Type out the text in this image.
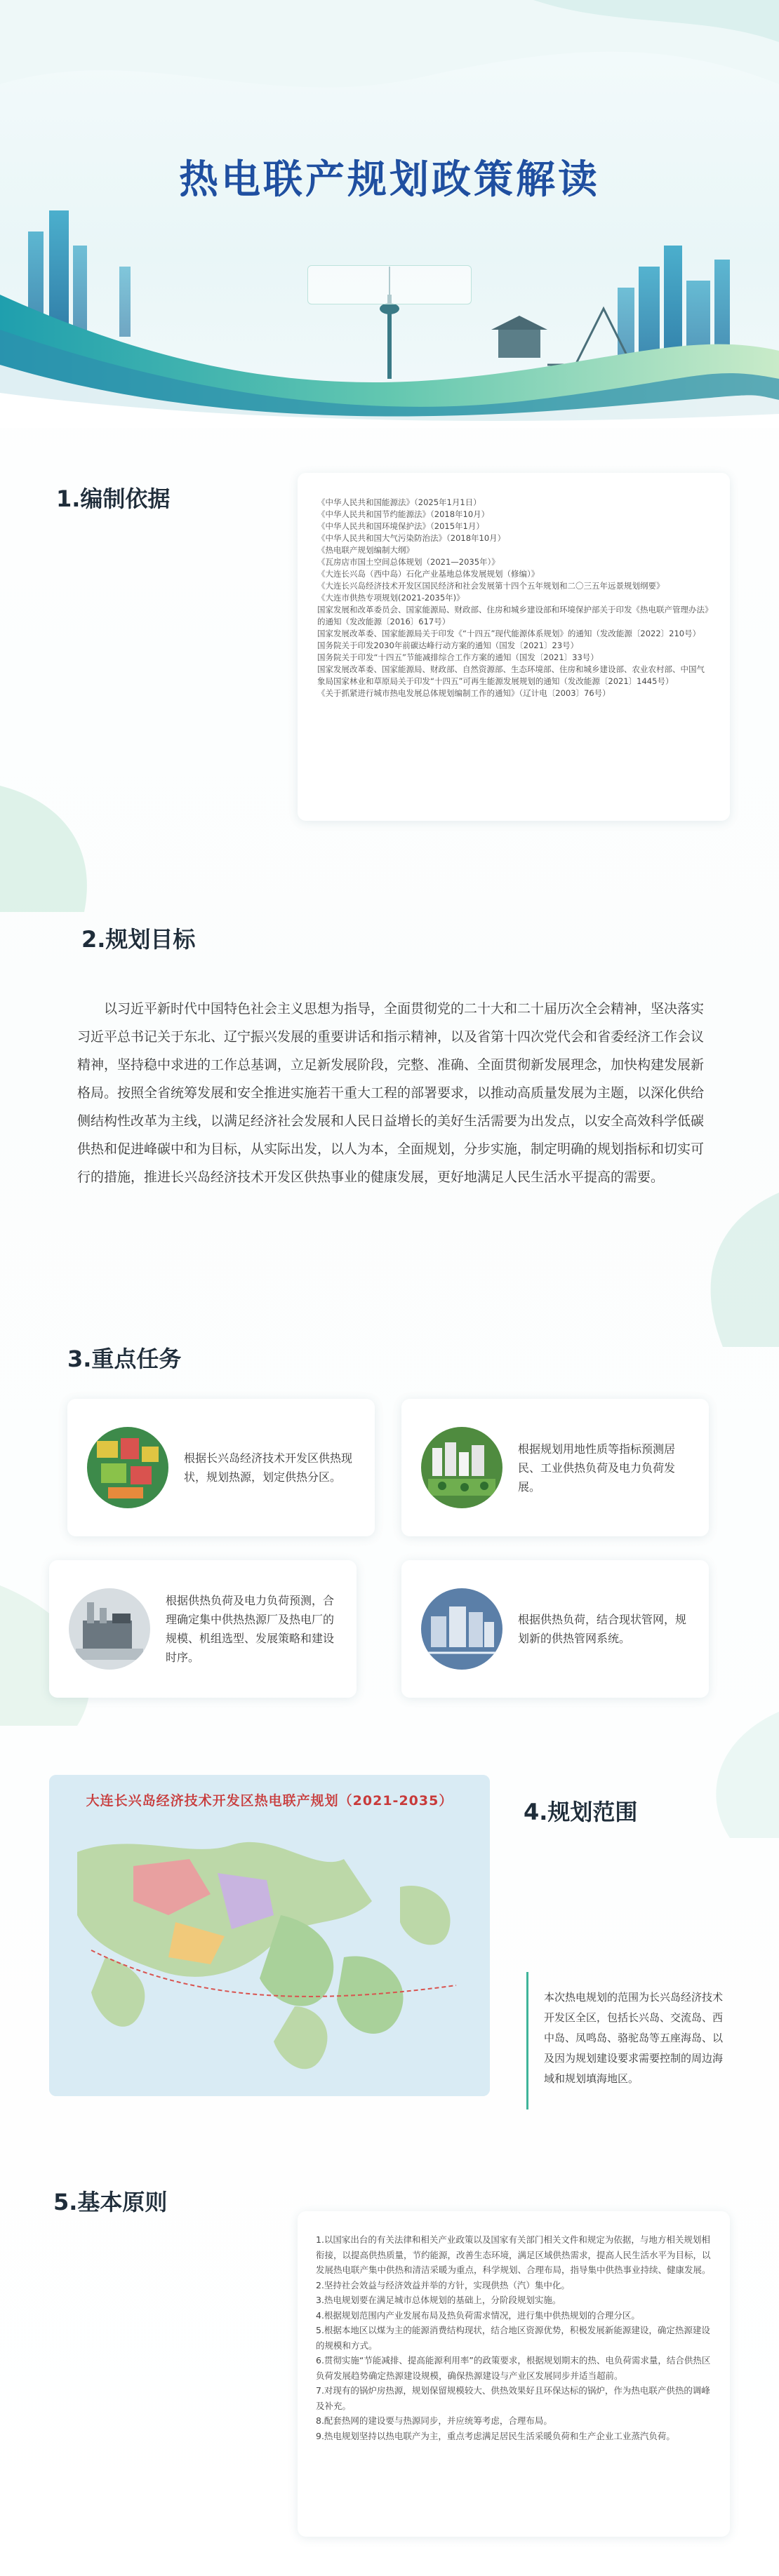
热电联产规划政策解读
1.编制依据	《中华人民共和国能源法》（2025年1月1日）
《中华人民共和国节约能源法》（2018年10月）
《中华人民共和国环境保护法》（2015年1月）
《中华人民共和国大气污染防治法》（2018年10月）
《热电联产规划编制大纲》
《瓦房店市国土空间总体规划（2021—2035年）》
《大连长兴岛（西中岛）石化产业基地总体发展规划（修编）》
《大连长兴岛经济技术开发区国民经济和社会发展第十四个五年规划和二〇三五年远景规划纲要》
《大连市供热专项规划(2021-2035年)》
国家发展和改革委员会、国家能源局、财政部、住房和城乡建设部和环境保护部关于印发《热电联产管理办法》的通知（发改能源〔2016〕617号）
国家发展改革委、国家能源局关于印发《“十四五”现代能源体系规划》的通知（发改能源〔2022〕210号）
国务院关于印发2030年前碳达峰行动方案的通知（国发〔2021〕23号）
国务院关于印发“十四五”节能减排综合工作方案的通知（国发〔2021〕33号）
国家发展改革委、国家能源局、财政部、自然资源部、生态环境部、住房和城乡建设部、农业农村部、中国气象局国家林业和草原局关于印发“十四五”可再生能源发展规划的通知（发改能源〔2021〕1445号）
《关于抓紧进行城市热电发展总体规划编制工作的通知》（辽计电〔2003〕76号）
2.规划目标

以习近平新时代中国特色社会主义思想为指导，全面贯彻党的二十大和二十届历次全会精神，坚决落实习近平总书记关于东北、辽宁振兴发展的重要讲话和指示精神，以及省第十四次党代会和省委经济工作会议精神，坚持稳中求进的工作总基调，立足新发展阶段，完整、准确、全面贯彻新发展理念，加快构建发展新格局。按照全省统筹发展和安全推进实施若干重大工程的部署要求，以推动高质量发展为主题，以深化供给侧结构性改革为主线，以满足经济社会发展和人民日益增长的美好生活需要为出发点，以安全高效科学低碳供热和促进峰碳中和为目标，从实际出发，以人为本，全面规划，分步实施，制定明确的规划指标和切实可行的措施，推进长兴岛经济技术开发区供热事业的健康发展，更好地满足人民生活水平提高的需要。

3.重点任务
根据长兴岛经济技术开发区供热现状，规划热源，划定供热分区。
根据规划用地性质等指标预测居民、工业供热负荷及电力负荷发展。
根据供热负荷及电力负荷预测，合理确定集中供热热源厂及热电厂的规模、机组选型、发展策略和建设时序。
根据供热负荷，结合现状管网，规划新的供热管网系统。
大连长兴岛经济技术开发区热电联产规划（2021-2035）	4.规划范围
本次热电规划的范围为长兴岛经济技术开发区全区，包括长兴岛、交流岛、西中岛、凤鸣岛、骆驼岛等五座海岛、以及因为规划建设要求需要控制的周边海域和规划填海地区。
5.基本原则
1.以国家出台的有关法律和相关产业政策以及国家有关部门相关文件和规定为依据，与地方相关规划相衔接，以提高供热质量，节约能源，改善生态环境，满足区域供热需求，提高人民生活水平为目标，以发展热电联产集中供热和清洁采暖为重点，科学规划、合理布局，指导集中供热事业持续、健康发展。
2.坚持社会效益与经济效益并举的方针，实现供热（汽）集中化。
3.热电规划要在满足城市总体规划的基础上，分阶段规划实施。
4.根据规划范围内产业发展布局及热负荷需求情况，进行集中供热规划的合理分区。
5.根据本地区以煤为主的能源消费结构现状，结合地区资源优势，积极发展新能源建设，确定热源建设的规模和方式。
6.贯彻实施“节能减排、提高能源利用率”的政策要求，根据规划期末的热、电负荷需求量，结合供热区负荷发展趋势确定热源建设规模，确保热源建设与产业区发展同步并适当超前。
7.对现有的锅炉房热源，规划保留规模较大、供热效果好且环保达标的锅炉，作为热电联产供热的调峰及补充。
8.配套热网的建设要与热源同步，并应统筹考虑，合理布局。
9.热电规划坚持以热电联产为主，重点考虑满足居民生活采暖负荷和生产企业工业蒸汽负荷。
